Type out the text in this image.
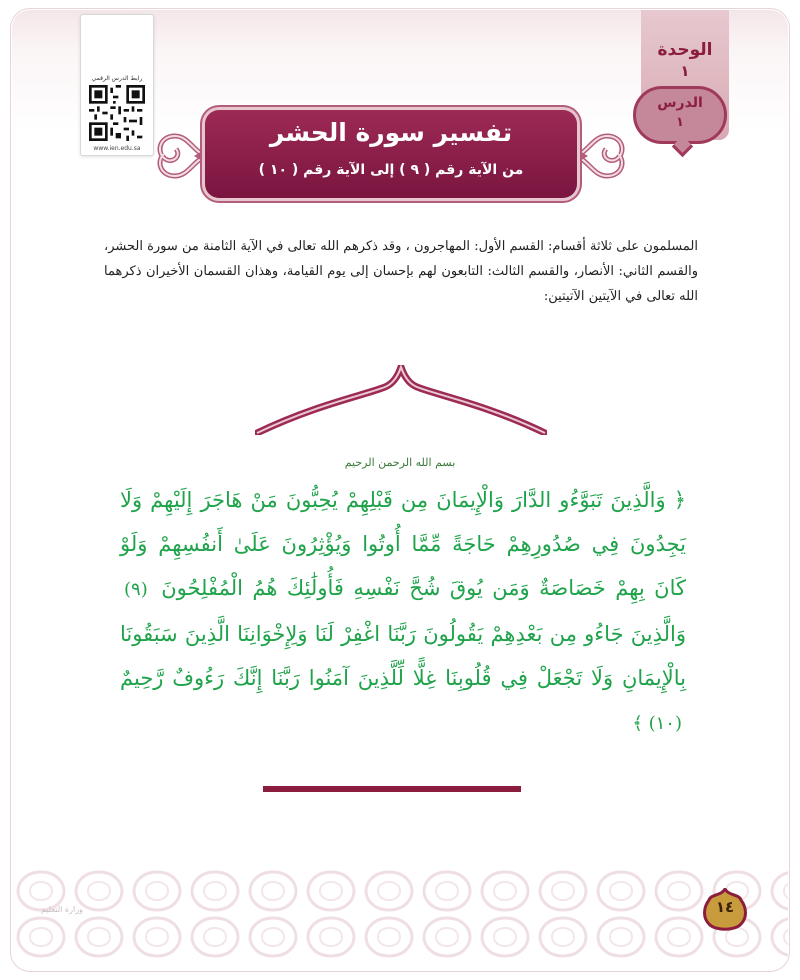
رابط الدرس الرقمي
www.ien.edu.sa
الوحدة
١
الدرس
١
تفسير سورة الحشر
من الآية رقم ( ٩ ) إلى الآية رقم ( ١٠ )
المسلمون على ثلاثة أقسام: القسم الأول: المهاجرون ، وقد ذكرهم الله تعالى في الآية الثامنة من سورة الحشر، والقسم الثاني: الأنصار، والقسم الثالث: التابعون لهم بإحسان إلى يوم القيامة، وهذان القسمان الأخيران ذكرهما الله تعالى في الآيتين الآتيتين:
بسم الله الرحمن الرحيم
﴿ وَالَّذِينَ تَبَوَّءُو الدَّارَ وَالْإِيمَانَ مِن قَبْلِهِمْ يُحِبُّونَ مَنْ هَاجَرَ إِلَيْهِمْ وَلَا يَجِدُونَ فِي صُدُورِهِمْ حَاجَةً مِّمَّا أُوتُوا وَيُؤْثِرُونَ عَلَىٰ أَنفُسِهِمْ وَلَوْ كَانَ بِهِمْ خَصَاصَةٌ وَمَن يُوقَ شُحَّ نَفْسِهِ فَأُولَٰئِكَ هُمُ الْمُفْلِحُونَ (٩) وَالَّذِينَ جَاءُو مِن بَعْدِهِمْ يَقُولُونَ رَبَّنَا اغْفِرْ لَنَا وَلِإِخْوَانِنَا الَّذِينَ سَبَقُونَا بِالْإِيمَانِ وَلَا تَجْعَلْ فِي قُلُوبِنَا غِلًّا لِّلَّذِينَ آمَنُوا رَبَّنَا إِنَّكَ رَءُوفٌ رَّحِيمٌ (١٠) ﴾
وزارة التعليم	١٤
